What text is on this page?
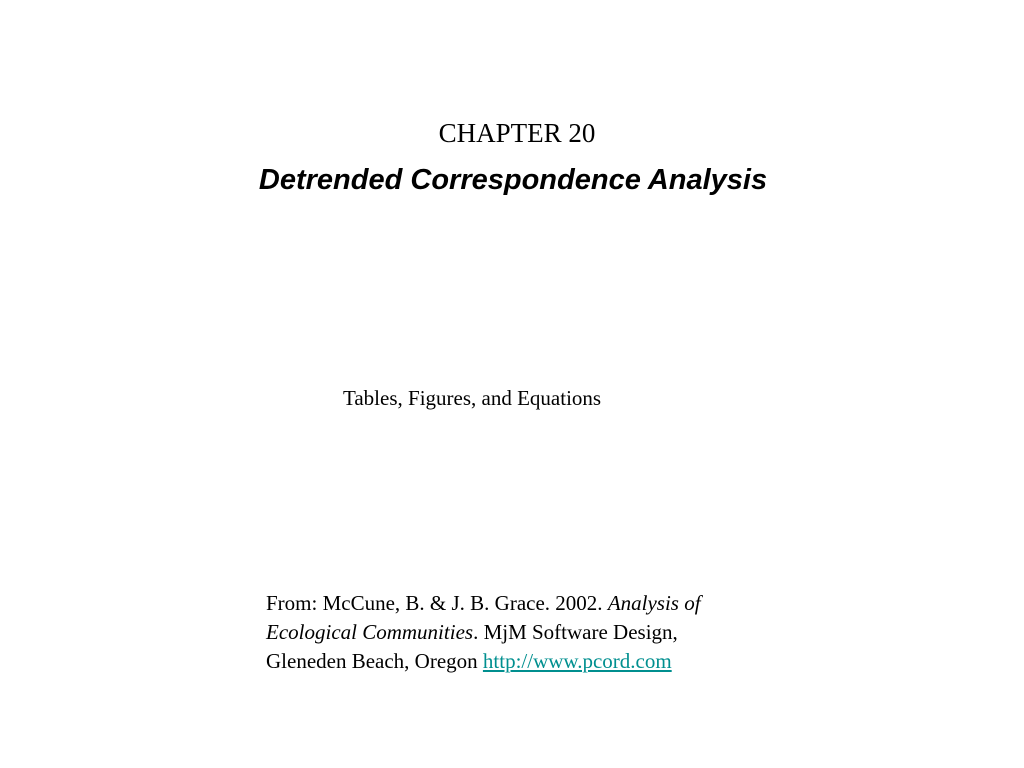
CHAPTER 20
Detrended Correspondence Analysis
Tables, Figures, and Equations
From: McCune, B. & J. B. Grace. 2002. Analysis of
Ecological Communities. MjM Software Design,
Gleneden Beach, Oregon http://www.pcord.com
